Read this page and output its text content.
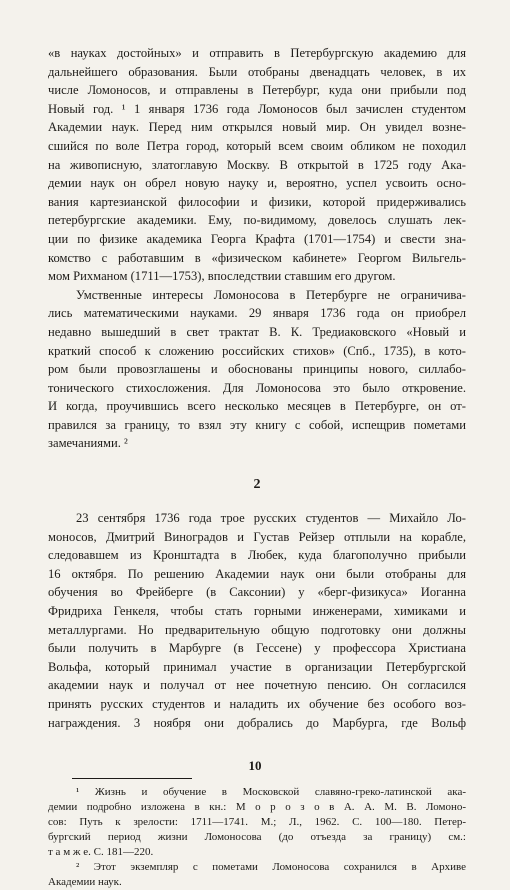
«в науках достойных» и отправить в Петербургскую академию для
дальнейшего образования. Были отобраны двенадцать человек, в их
числе Ломоносов, и отправлены в Петербург, куда они прибыли под
Новый год. ¹ 1 января 1736 года Ломоносов был зачислен студентом
Академии наук. Перед ним открылся новый мир. Он увидел возне-
сшийся по воле Петра город, который всем своим обликом не походил
на живописную, златоглавую Москву. В открытой в 1725 году Ака-
демии наук он обрел новую науку и, вероятно, успел усвоить осно-
вания картезианской философии и физики, которой придерживались
петербургские академики. Ему, по-видимому, довелось слушать лек-
ции по физике академика Георга Крафта (1701—1754) и свести зна-
комство с работавшим в «физическом кабинете» Георгом Вильгель-
мом Рихманом (1711—1753), впоследствии ставшим его другом.
Умственные интересы Ломоносова в Петербурге не ограничива-
лись математическими науками. 29 января 1736 года он приобрел
недавно вышедший в свет трактат В. К. Тредиаковского «Новый и
краткий способ к сложению российских стихов» (Спб., 1735), в кото-
ром были провозглашены и обоснованы принципы нового, силлабо-
тонического стихосложения. Для Ломоносова это было откровение.
И когда, проучившись всего несколько месяцев в Петербурге, он от-
правился за границу, то взял эту книгу с собой, испещрив пометами
замечаниями. ²
2
23 сентября 1736 года трое русских студентов — Михайло Ло-
моносов, Дмитрий Виноградов и Густав Рейзер отплыли на корабле,
следовавшем из Кронштадта в Любек, куда благополучно прибыли
16 октября. По решению Академии наук они были отобраны для
обучения во Фрейберге (в Саксонии) у «берг-физикуса» Иоганна
Фридриха Генкеля, чтобы стать горными инженерами, химиками и
металлургами. Но предварительную общую подготовку они должны
были получить в Марбурге (в Гессене) у профессора Христиана
Вольфа, который принимал участие в организации Петербургской
академии наук и получал от нее почетную пенсию. Он согласился
принять русских студентов и наладить их обучение без особого воз-
награждения. 3 ноября они добрались до Марбурга, где Вольф
¹ Жизнь и обучение в Московской славяно-греко-латинской ака-
демии подробно изложена в кн.: М о р о з о в А. А. М. В. Ломоно-
сов: Путь к зрелости: 1711—1741. М.; Л., 1962. С. 100—180. Петер-
бургский период жизни Ломоносова (до отъезда за границу) см.:
т а м ж е. С. 181—220.
² Этот экземпляр с пометами Ломоносова сохранился в Архиве
Академии наук.
10
